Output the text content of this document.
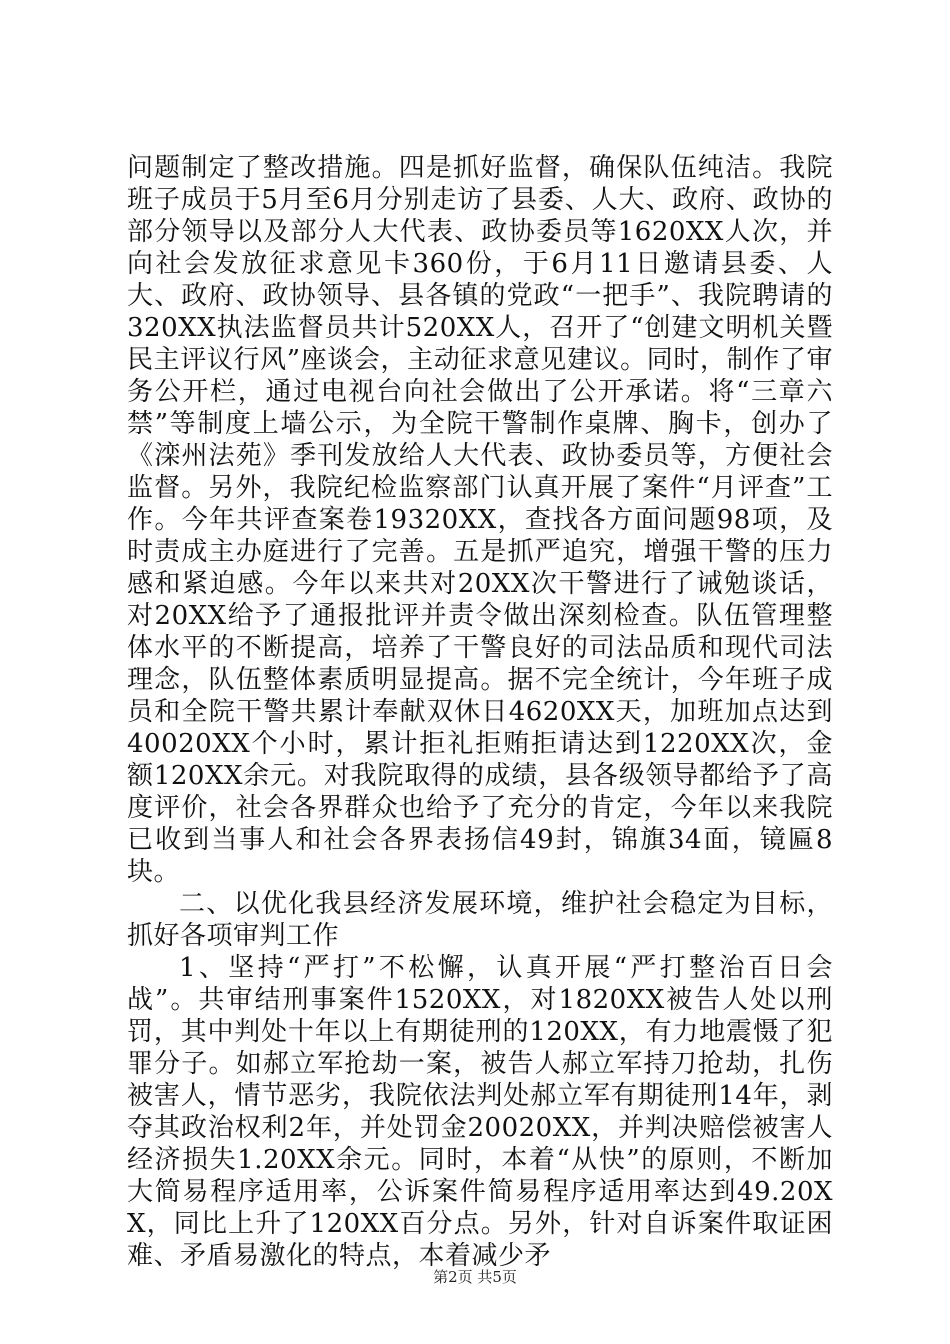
问题制定了整改措施。四是抓好监督，确保队伍纯洁。我院班子成员于5月至6月分别走访了县委、人大、政府、政协的部分领导以及部分人大代表、政协委员等1620XX人次，并向社会发放征求意见卡360份，于6月11日邀请县委、人大、政府、政协领导、县各镇的党政“一把手”、我院聘请的320XX执法监督员共计520XX人，召开了“创建文明机关暨民主评议行风”座谈会，主动征求意见建议。同时，制作了审务公开栏，通过电视台向社会做出了公开承诺。将“三章六禁”等制度上墙公示，为全院干警制作桌牌、胸卡，创办了《滦州法苑》季刊发放给人大代表、政协委员等，方便社会监督。另外，我院纪检监察部门认真开展了案件“月评查”工作。今年共评查案卷19320XX，查找各方面问题98项，及时责成主办庭进行了完善。五是抓严追究，增强干警的压力感和紧迫感。今年以来共对20XX次干警进行了诫勉谈话，对20XX给予了通报批评并责令做出深刻检查。队伍管理整体水平的不断提高，培养了干警良好的司法品质和现代司法理念，队伍整体素质明显提高。据不完全统计，今年班子成员和全院干警共累计奉献双休日4620XX天，加班加点达到40020XX个小时，累计拒礼拒贿拒请达到1220XX次，金额120XX余元。对我院取得的成绩，县各级领导都给予了高度评价，社会各界群众也给予了充分的肯定，今年以来我院已收到当事人和社会各界表扬信49封，锦旗34面，镜匾8块。

二、以优化我县经济发展环境，维护社会稳定为目标，抓好各项审判工作

1、坚持“严打”不松懈，认真开展“严打整治百日会战”。共审结刑事案件1520XX，对1820XX被告人处以刑罚，其中判处十年以上有期徒刑的120XX，有力地震慑了犯罪分子。如郝立军抢劫一案，被告人郝立军持刀抢劫，扎伤被害人，情节恶劣，我院依法判处郝立军有期徒刑14年，剥夺其政治权利2年，并处罚金20020XX，并判决赔偿被害人经济损失1.20XX余元。同时，本着“从快”的原则，不断加大简易程序适用率，公诉案件简易程序适用率达到49.20XX，同比上升了120XX百分点。另外，针对自诉案件取证困难、矛盾易激化的特点，本着减少矛

第2页 共5页
